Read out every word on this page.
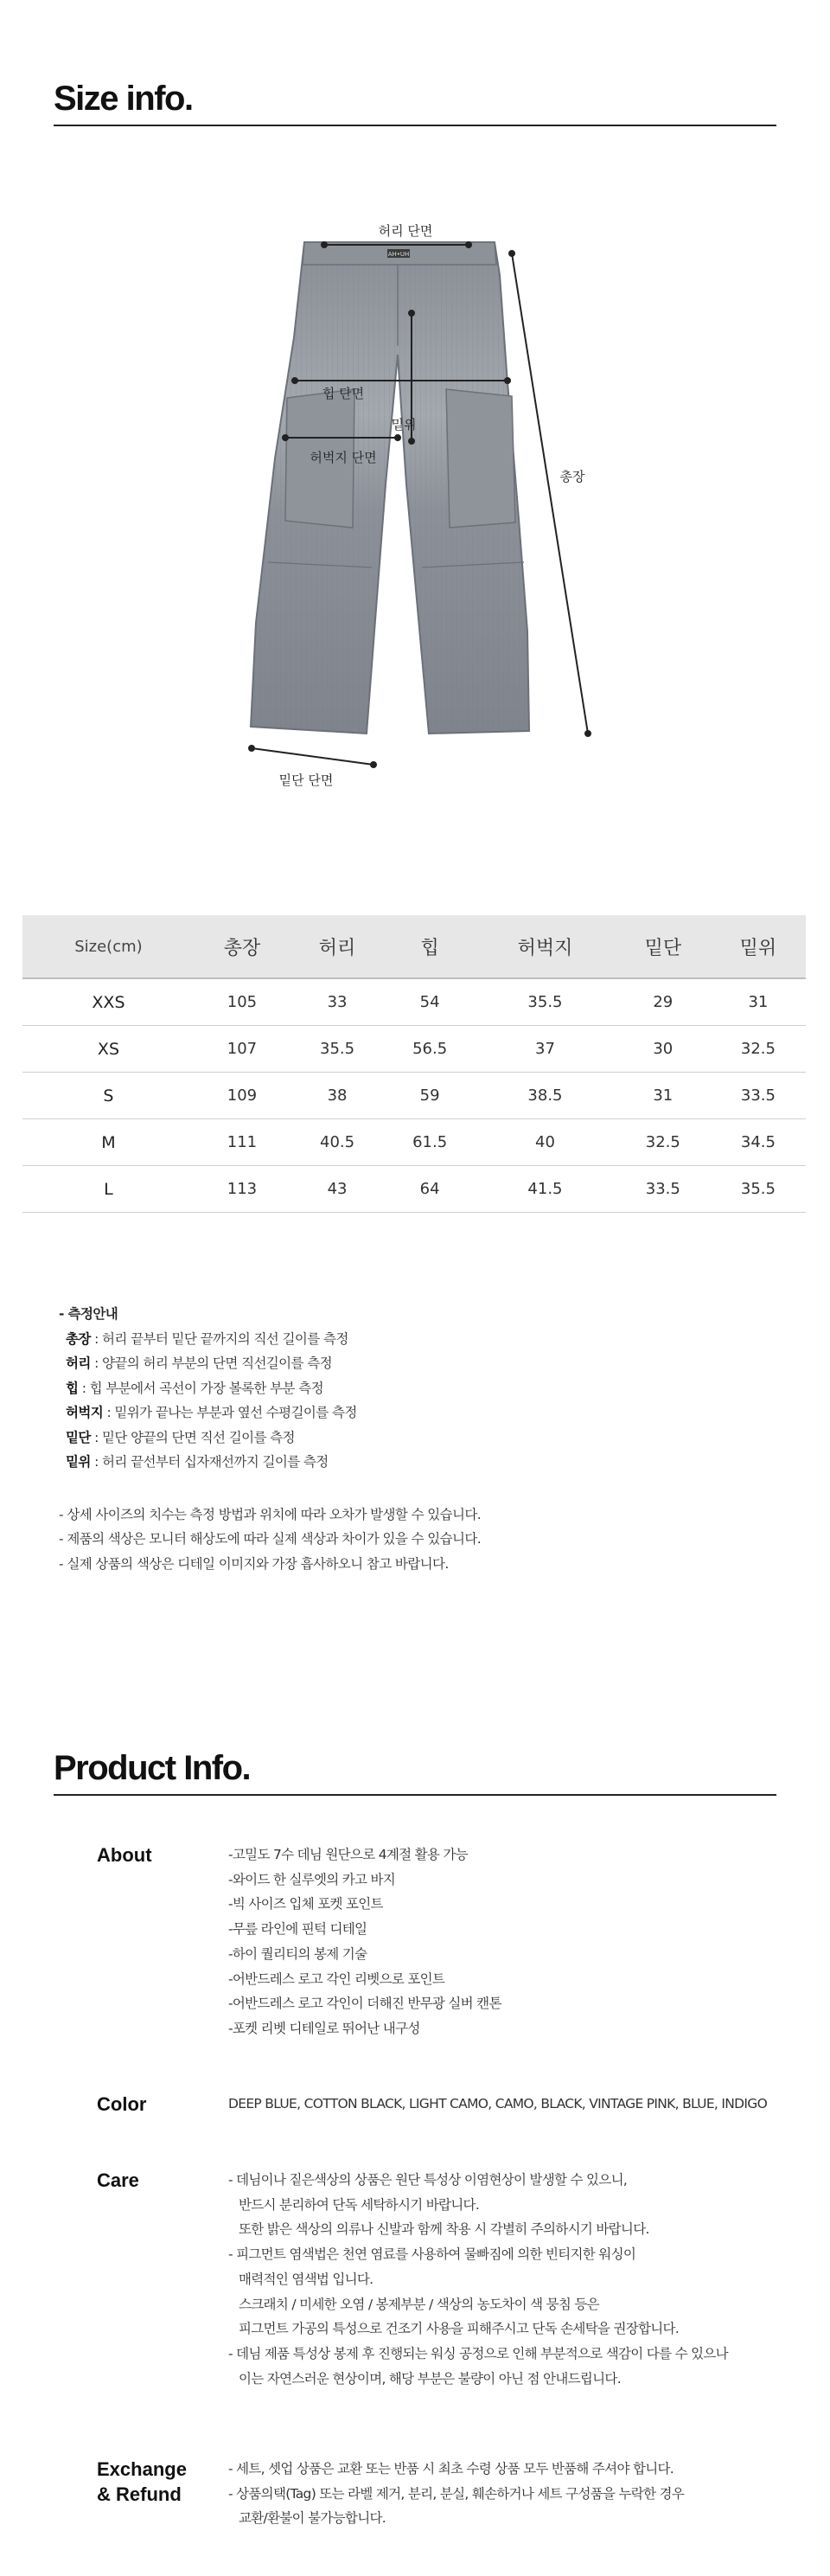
Size info.
AH•UH
허리 단면
힙 단면
허벅지 단면
밑위
총장
밑단 단면
Size(cm)	총장	허리	힙	허벅지	밑단	밑위
XXS	105	33	54	35.5	29	31
XS	107	35.5	56.5	37	30	32.5
S	109	38	59	38.5	31	33.5
M	111	40.5	61.5	40	32.5	34.5
L	113	43	64	41.5	33.5	35.5
- 측정안내
총장 : 허리 끝부터 밑단 끝까지의 직선 길이를 측정
허리 : 양끝의 허리 부분의 단면 직선길이를 측정
힙 : 힙 부분에서 곡선이 가장 볼록한 부분 측정
허벅지 : 밑위가 끝나는 부분과 옆선 수평길이를 측정
밑단 : 밑단 양끝의 단면 직선 길이를 측정
밑위 : 허리 끝선부터 십자재선까지 길이를 측정
- 상세 사이즈의 치수는 측정 방법과 위치에 따라 오차가 발생할 수 있습니다.
- 제품의 색상은 모니터 해상도에 따라 실제 색상과 차이가 있을 수 있습니다.
- 실제 상품의 색상은 디테일 이미지와 가장 흡사하오니 참고 바랍니다.
Product Info.
About	-고밀도 7수 데님 원단으로 4계절 활용 가능
-와이드 한 실루엣의 카고 바지
-빅 사이즈 입체 포켓 포인트
-무릎 라인에 핀턱 디테일
-하이 퀄리티의 봉제 기술
-어반드레스 로고 각인 리벳으로 포인트
-어반드레스 로고 각인이 더해진 반무광 실버 캔톤
-포켓 리벳 디테일로 뛰어난 내구성
Color	DEEP BLUE, COTTON BLACK, LIGHT CAMO, CAMO, BLACK, VINTAGE PINK, BLUE, INDIGO
Care	- 데님이나 짙은색상의 상품은 원단 특성상 이염현상이 발생할 수 있으니,
반드시 분리하여 단독 세탁하시기 바랍니다.
또한 밝은 색상의 의류나 신발과 함께 착용 시 각별히 주의하시기 바랍니다.
- 피그먼트 염색법은 천연 염료를 사용하여 물빠짐에 의한 빈티지한 워싱이
매력적인 염색법 입니다.
스크래치 / 미세한 오염 / 봉제부분 / 색상의 농도차이 색 뭉침 등은
피그먼트 가공의 특성으로 건조기 사용을 피해주시고 단독 손세탁을 권장합니다.
- 데님 제품 특성상 봉제 후 진행되는 워싱 공정으로 인해 부분적으로 색감이 다를 수 있으나
이는 자연스러운 현상이며, 해당 부분은 불량이 아닌 점 안내드립니다.
Exchange
& Refund
- 세트, 셋업 상품은 교환 또는 반품 시 최초 수령 상품 모두 반품해 주셔야 합니다.
- 상품의택(Tag) 또는 라벨 제거, 분리, 분실, 훼손하거나 세트 구성품을 누락한 경우
교환/환불이 불가능합니다.
